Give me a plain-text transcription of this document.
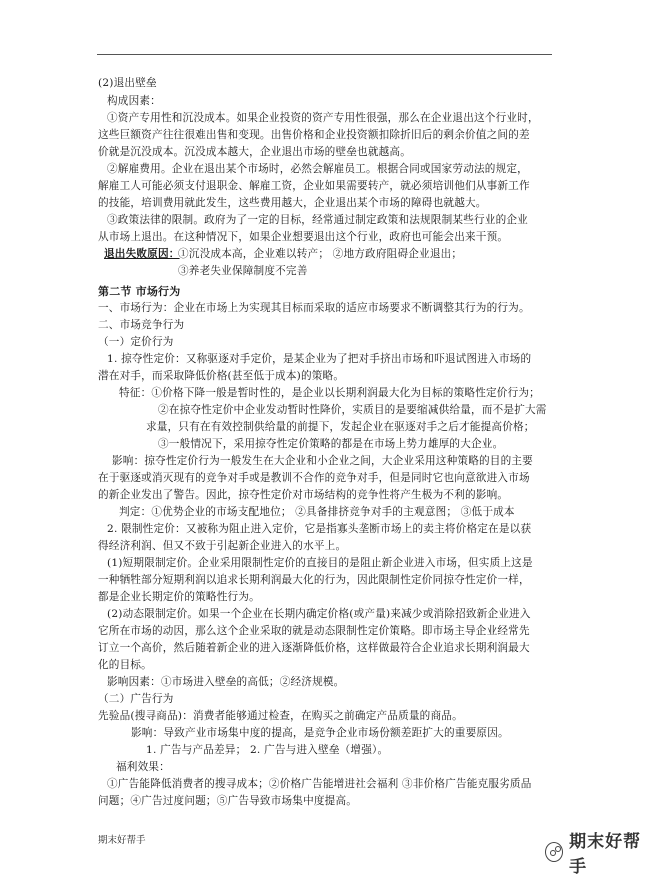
(2)退出壁垒
构成因素：
①资产专用性和沉没成本。如果企业投资的资产专用性很强，那么在企业退出这个行业时，
这些巨额资产往往很难出售和变现。出售价格和企业投资额扣除折旧后的剩余价值之间的差
价就是沉没成本。沉没成本越大，企业退出市场的壁垒也就越高。
②解雇费用。企业在退出某个市场时，必然会解雇员工。根据合同或国家劳动法的规定，
解雇工人可能必须支付退职金、解雇工资，企业如果需要转产，就必须培训他们从事新工作
的技能，培训费用就此发生，这些费用越大，企业退出某个市场的障碍也就越大。
③政策法律的限制。政府为了一定的目标，经常通过制定政策和法规限制某些行业的企业
从市场上退出。在这种情况下，如果企业想要退出这个行业，政府也可能会出来干预。
退出失败原因：
①沉没成本高，企业难以转产； ②地方政府阻碍企业退出；
③养老失业保障制度不完善
第二节 市场行为
一、市场行为：企业在市场上为实现其目标而采取的适应市场要求不断调整其行为的行为。
二、市场竞争行为
（一）定价行为
1. 掠夺性定价：又称驱逐对手定价，是某企业为了把对手挤出市场和吓退试图进入市场的
潜在对手，而采取降低价格(甚至低于成本)的策略。
特征：①价格下降一般是暂时性的，是企业以长期利润最大化为目标的策略性定价行为；
②在掠夺性定价中企业发动暂时性降价，实质目的是要缩减供给量，而不是扩大需
求量，只有在有效控制供给量的前提下，发起企业在驱逐对手之后才能提高价格；
③一般情况下，采用掠夺性定价策略的都是在市场上势力雄厚的大企业。
影响：掠夺性定价行为一般发生在大企业和小企业之间，大企业采用这种策略的目的主要
在于驱逐或消灭现有的竞争对手或是教训不合作的竞争对手，但是同时它也向意欲进入市场
的新企业发出了警告。因此，掠夺性定价对市场结构的竞争性将产生极为不利的影响。
判定：①优势企业的市场支配地位； ②具备排挤竞争对手的主观意图； ③低于成本
2. 限制性定价：又被称为阻止进入定价，它是指寡头垄断市场上的卖主将价格定在是以获
得经济利润、但又不致于引起新企业进入的水平上。
(1)短期限制定价。企业采用限制性定价的直接目的是阻止新企业进入市场，但实质上这是
一种牺牲部分短期利润以追求长期利润最大化的行为，因此限制性定价同掠夺性定价一样，
都是企业长期定价的策略性行为。
(2)动态限制定价。如果一个企业在长期内确定价格(或产量)来减少或消除招致新企业进入
它所在市场的动因，那么这个企业采取的就是动态限制性定价策略。即市场主导企业经常先
订立一个高价，然后随着新企业的进入逐渐降低价格，这样做最符合企业追求长期利润最大
化的目标。
影响因素：①市场进入壁垒的高低；②经济规模。
（二）广告行为
先验品(搜寻商品)：消费者能够通过检查，在购买之前确定产品质量的商品。
影响：导致产业市场集中度的提高，是竞争企业市场份额差距扩大的重要原因。
1. 广告与产品差异； 2. 广告与进入壁垒（增强）。
福利效果：
①广告能降低消费者的搜寻成本；②价格广告能增进社会福利 ③非价格广告能克服劣质品
问题；④广告过度问题；⑤广告导致市场集中度提高。
期末好帮手	期末好帮手
